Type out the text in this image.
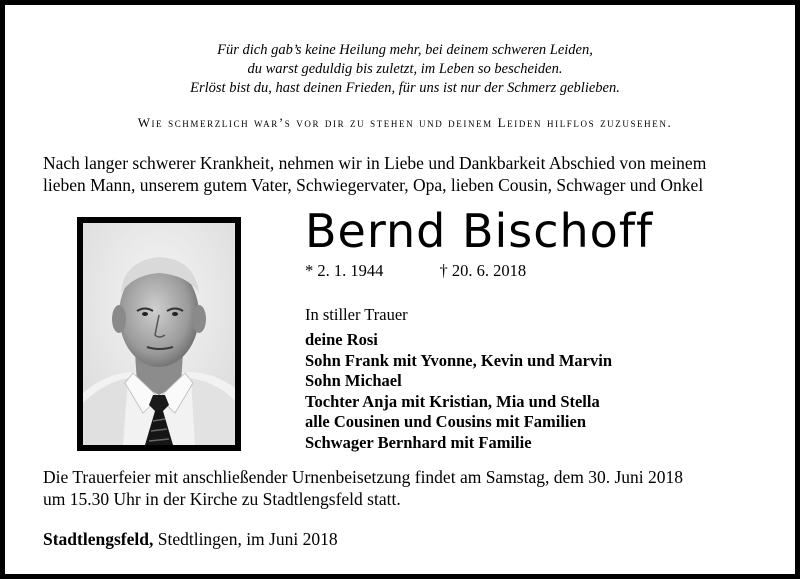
Für dich gab’s keine Heilung mehr, bei deinem schweren Leiden,
du warst geduldig bis zuletzt, im Leben so bescheiden.
Erlöst bist du, hast deinen Frieden, für uns ist nur der Schmerz geblieben.
Wie schmerzlich war’s vor dir zu stehen und deinem Leiden hilflos zuzusehen.
Nach langer schwerer Krankheit, nehmen wir in Liebe und Dankbarkeit Abschied von meinem
lieben Mann, unserem gutem Vater, Schwiegervater, Opa, lieben Cousin, Schwager und Onkel
Bernd Bischoff
* 2. 1. 1944	† 20. 6. 2018
In stiller Trauer
deine Rosi
Sohn Frank mit Yvonne, Kevin und Marvin
Sohn Michael
Tochter Anja mit Kristian, Mia und Stella
alle Cousinen und Cousins mit Familien
Schwager Bernhard mit Familie
Die Trauerfeier mit anschließender Urnenbeisetzung findet am Samstag, dem 30. Juni 2018
um 15.30 Uhr in der Kirche zu Stadtlengsfeld statt.
Stadtlengsfeld, Stedtlingen, im Juni 2018
